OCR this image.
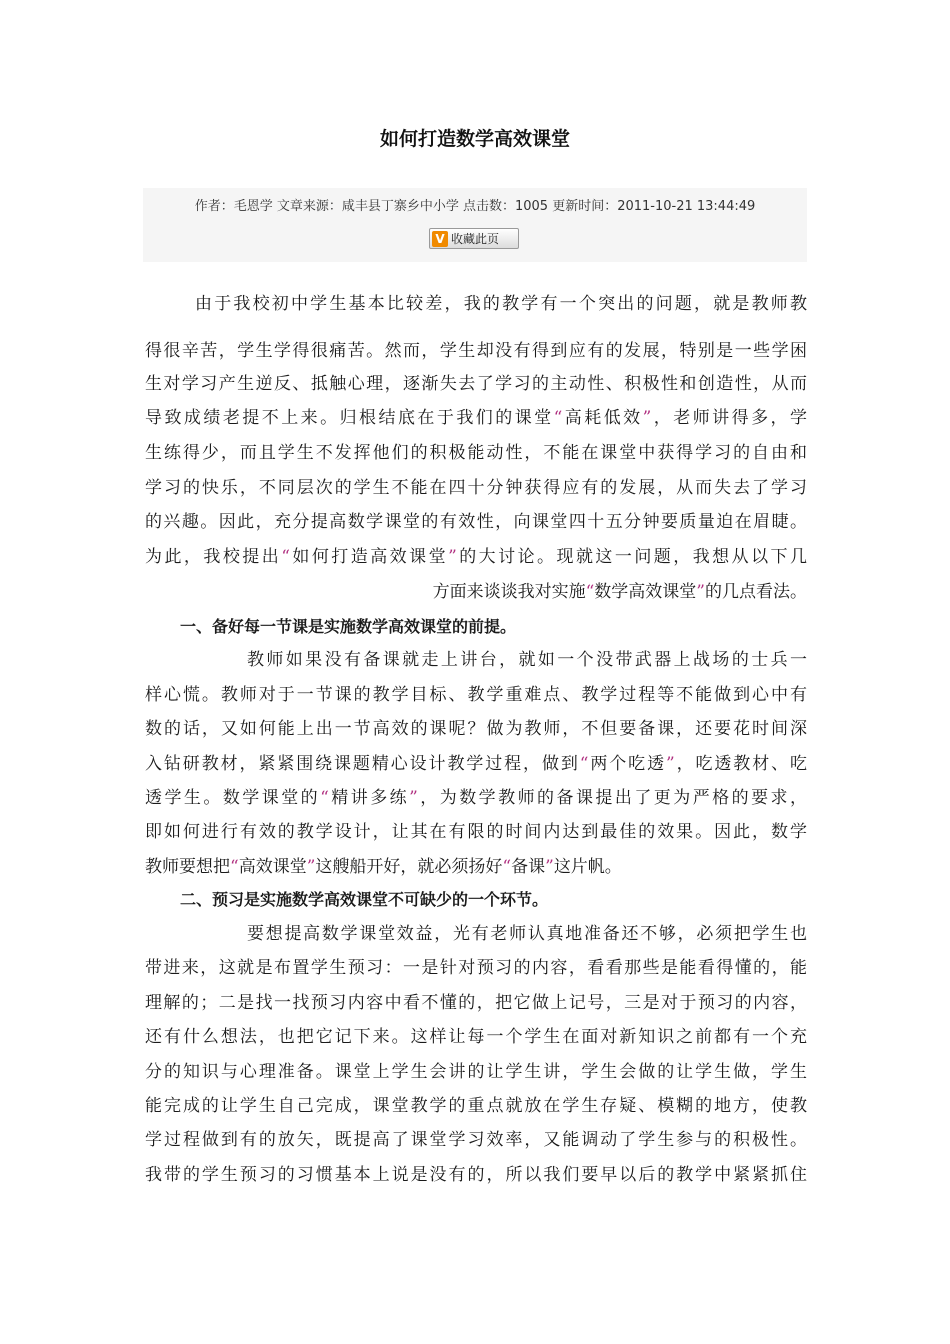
如何打造数学高效课堂
作者：毛恩学 文章来源：咸丰县丁寨乡中小学 点击数：1005 更新时间：2011-10-21 13:44:49
V 收藏此页
由于我校初中学生基本比较差，我的教学有一个突出的问题，就是教师教
得很辛苦，学生学得很痛苦。然而，学生却没有得到应有的发展，特别是一些学困
生对学习产生逆反、抵触心理，逐渐失去了学习的主动性、积极性和创造性，从而
导致成绩老提不上来。归根结底在于我们的课堂“高耗低效”，老师讲得多，学
生练得少，而且学生不发挥他们的积极能动性，不能在课堂中获得学习的自由和
学习的快乐，不同层次的学生不能在四十分钟获得应有的发展，从而失去了学习
的兴趣。因此，充分提高数学课堂的有效性，向课堂四十五分钟要质量迫在眉睫。
为此，我校提出“如何打造高效课堂”的大讨论。现就这一问题，我想从以下几
方面来谈谈我对实施“数学高效课堂”的几点看法。
一、备好每一节课是实施数学高效课堂的前提。
教师如果没有备课就走上讲台，就如一个没带武器上战场的士兵一
样心慌。教师对于一节课的教学目标、教学重难点、教学过程等不能做到心中有
数的话，又如何能上出一节高效的课呢？做为教师，不但要备课，还要花时间深
入钻研教材，紧紧围绕课题精心设计教学过程，做到“两个吃透”，吃透教材、吃
透学生。数学课堂的“精讲多练”，为数学教师的备课提出了更为严格的要求，
即如何进行有效的教学设计，让其在有限的时间内达到最佳的效果。因此，数学
教师要想把“高效课堂”这艘船开好，就必须扬好“备课”这片帆。
二、预习是实施数学高效课堂不可缺少的一个环节。
要想提高数学课堂效益，光有老师认真地准备还不够，必须把学生也
带进来，这就是布置学生预习：一是针对预习的内容，看看那些是能看得懂的，能
理解的；二是找一找预习内容中看不懂的，把它做上记号，三是对于预习的内容，
还有什么想法，也把它记下来。这样让每一个学生在面对新知识之前都有一个充
分的知识与心理准备。课堂上学生会讲的让学生讲，学生会做的让学生做，学生
能完成的让学生自己完成，课堂教学的重点就放在学生存疑、模糊的地方，使教
学过程做到有的放矢，既提高了课堂学习效率，又能调动了学生参与的积极性。
我带的学生预习的习惯基本上说是没有的，所以我们要早以后的教学中紧紧抓住
